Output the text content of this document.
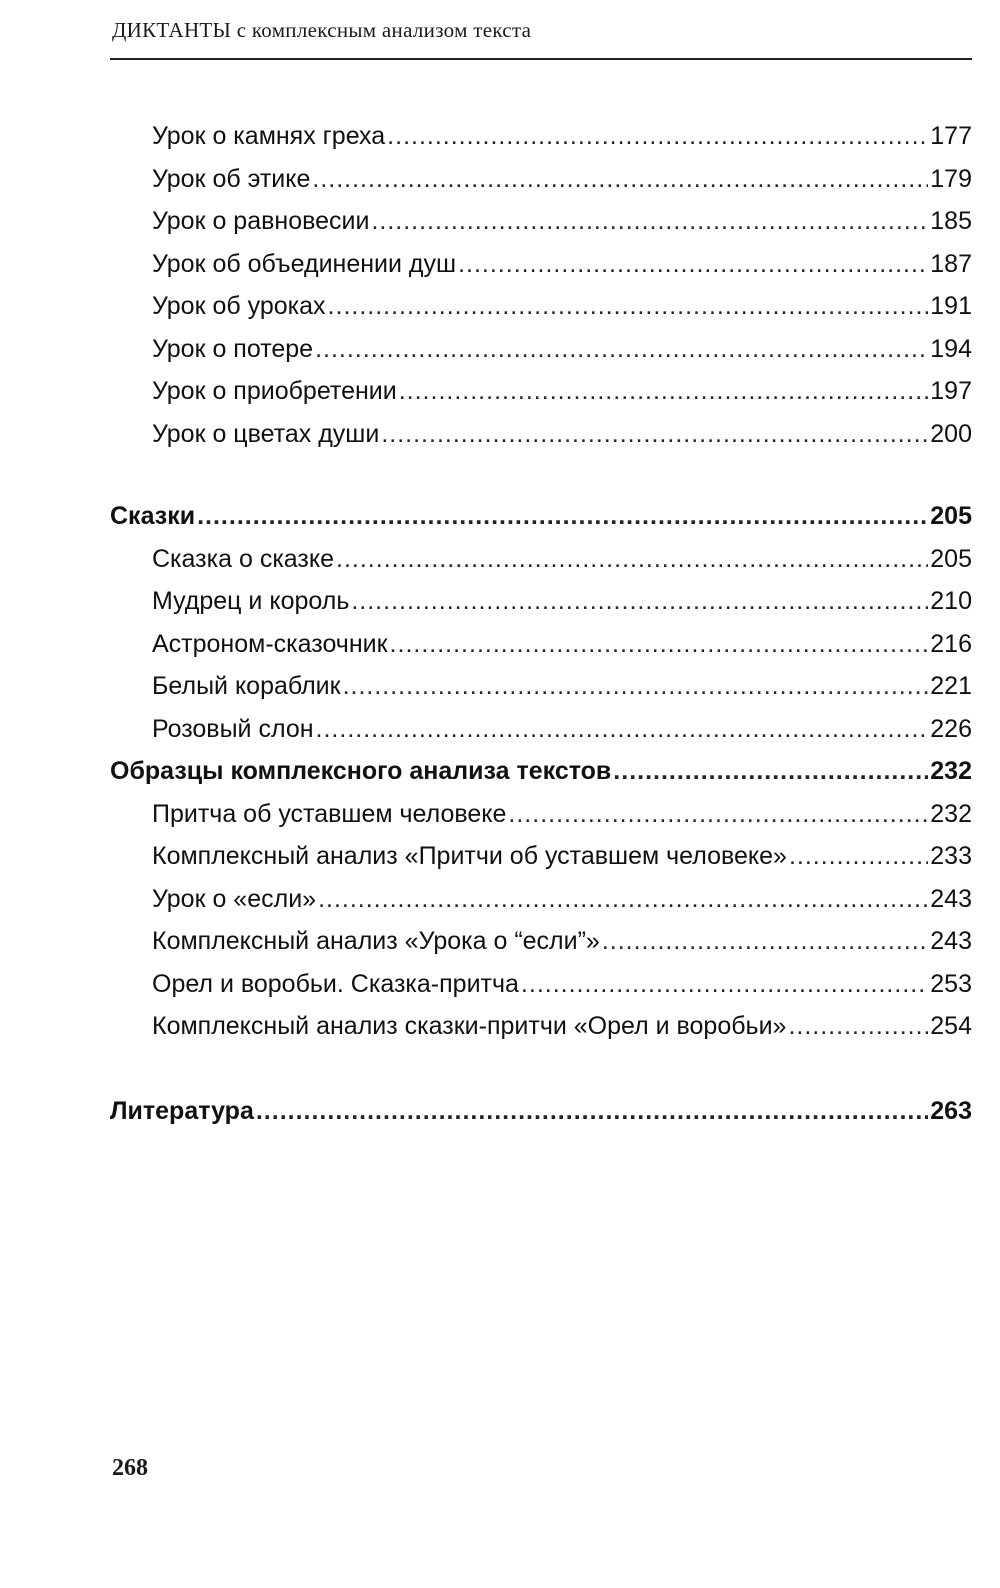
ДИКТАНТЫ с комплексным анализом текста
Урок о камнях греха .....	177
Урок об этике .....	179
Урок о равновесии .....	185
Урок об объединении душ .....	187
Урок об уроках .....	191
Урок о потере .....	194
Урок о приобретении .....	197
Урок о цветах души .....	200
Сказки .....	205
Сказка о сказке .....	205
Мудрец и король .....	210
Астроном-сказочник .....	216
Белый кораблик .....	221
Розовый слон .....	226
Образцы комплексного анализа текстов .....	232
Притча об уставшем человеке .....	232
Комплексный анализ «Притчи об уставшем человеке» .....	233
Урок о «если» .....	243
Комплексный анализ «Урока о “если”» .....	243
Орел и воробьи. Сказка-притча .....	253
Комплексный анализ сказки-притчи «Орел и воробьи» .....	254
Литература .....	263
268
